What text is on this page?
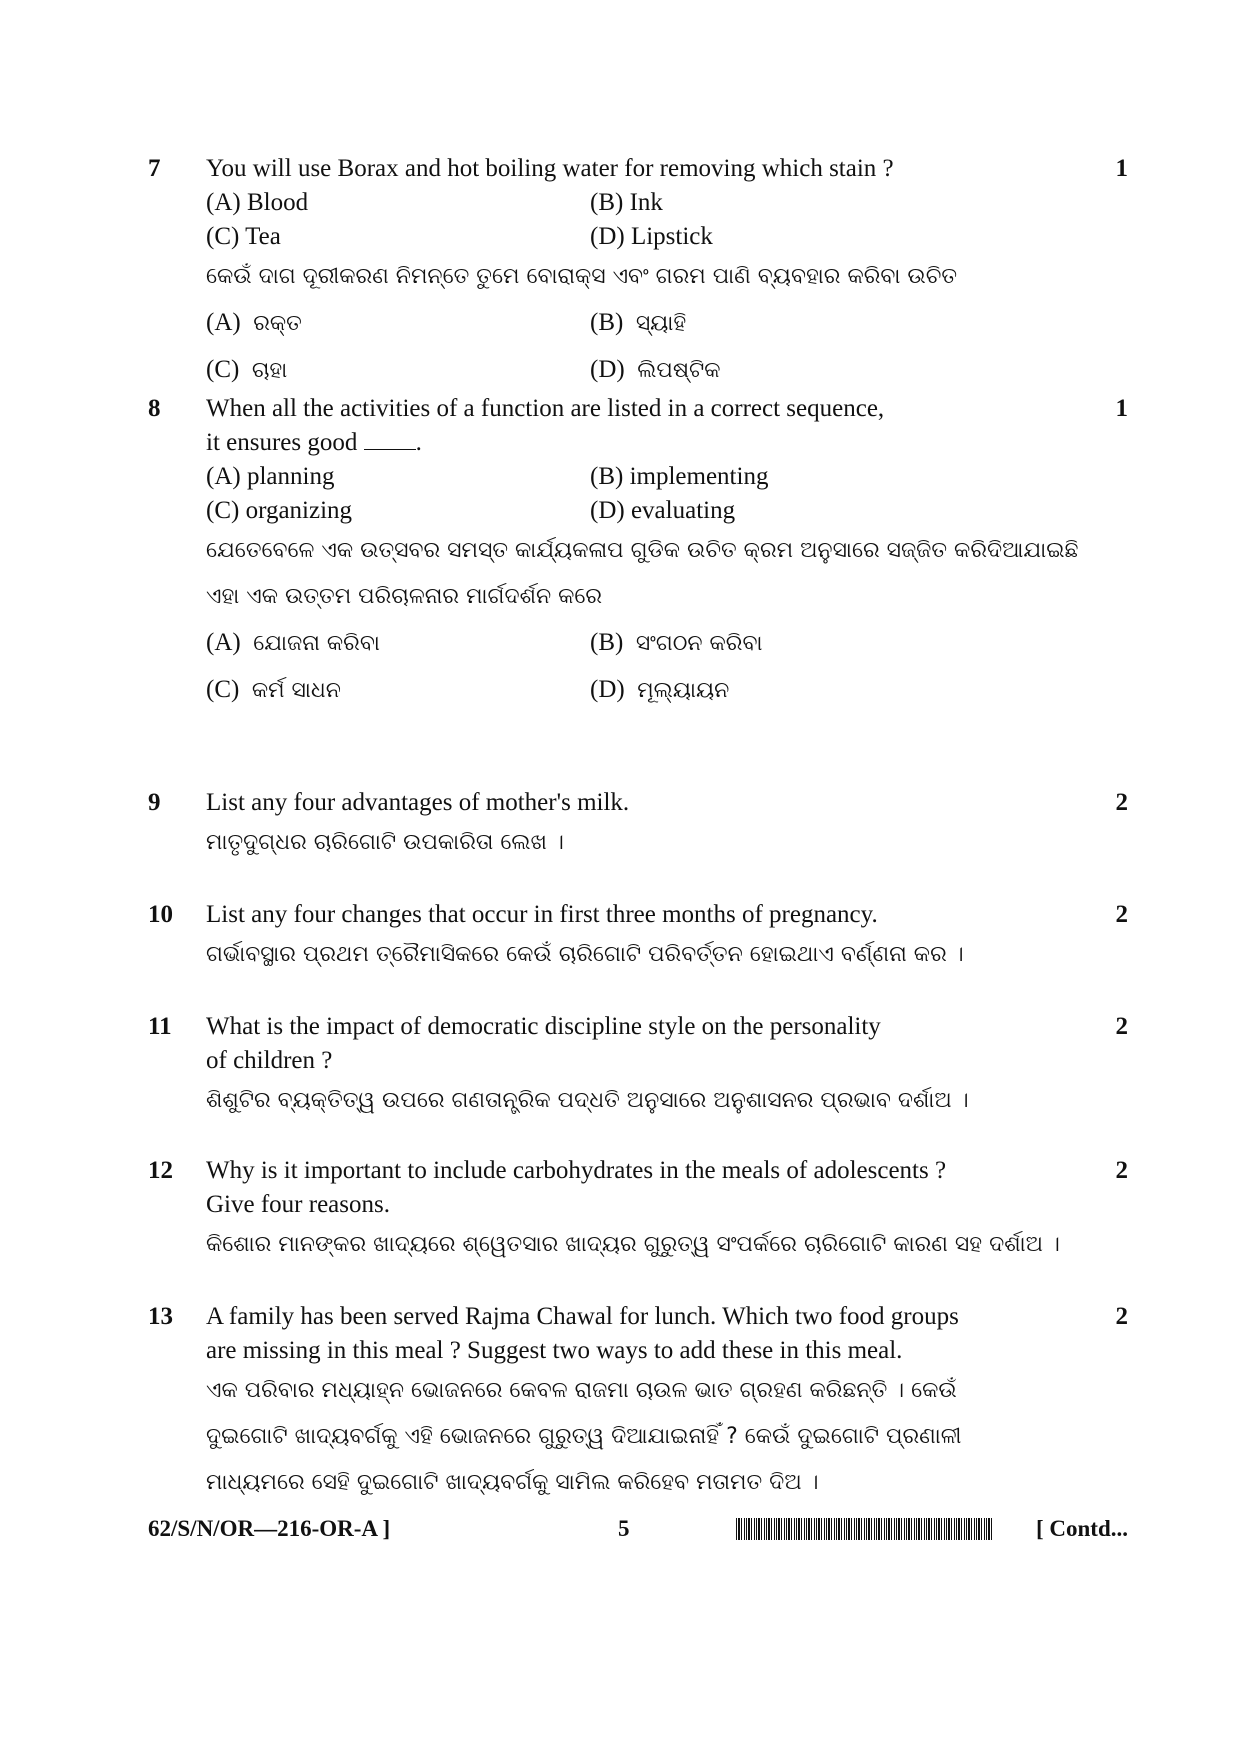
7	1

You will use Borax and hot boiling water for removing which stain ?

(A) Blood	(B) Ink
(C) Tea	(D) Lipstick

କେଉଁ ଦାଗ ଦୂରୀକରଣ ନିମନ୍ତେ ତୁମେ ବୋରାକ୍ସ ଏବଂ ଗରମ ପାଣି ବ୍ୟବହାର କରିବା ଉଚିତ

(A) ରକ୍ତ	(B) ସ୍ୟାହି
(C) ଚାହା	(D) ଲିପଷ୍ଟିକ
8	1

When all the activities of a function are listed in a correct sequence,

it ensures good .

(A) planning	(B) implementing
(C) organizing	(D) evaluating

ଯେତେବେଳେ ଏକ ଉତ୍ସବର ସମସ୍ତ କାର୍ଯ୍ୟକଳାପ ଗୁଡିକ ଉଚିତ କ୍ରମ ଅନୁସାରେ ସଜ୍ଜିତ କରିଦିଆଯାଇଛି

ଏହା ଏକ ଉତ୍ତମ ପରିଚାଳନାର ମାର୍ଗଦର୍ଶନ କରେ

(A) ଯୋଜନା କରିବା	(B) ସଂଗଠନ କରିବା
(C) କର୍ମ ସାଧନ	(D) ମୂଲ୍ୟାୟନ
9	2

List any four advantages of mother's milk.

ମାତୃଦୁଗ୍ଧର ଚାରିଗୋଟି ଉପକାରିତା ଲେଖ ।

10	2

List any four changes that occur in first three months of pregnancy.

ଗର୍ଭାବସ୍ଥାର ପ୍ରଥମ ତ୍ରୈମାସିକରେ କେଉଁ ଚାରିଗୋଟି ପରିବର୍ତ୍ତନ ହୋଇଥାଏ ବର୍ଣ୍ଣନା କର ।

11	2

What is the impact of democratic discipline style on the personality

of children ?

ଶିଶୁଟିର ବ୍ୟକ୍ତିତ୍ୱ ଉପରେ ଗଣତାନ୍ତ୍ରିକ ପଦ୍ଧତି ଅନୁସାରେ ଅନୁଶାସନର ପ୍ରଭାବ ଦର୍ଶାଅ ।

12	2

Why is it important to include carbohydrates in the meals of adolescents ?

Give four reasons.

କିଶୋର ମାନଙ୍କର ଖାଦ୍ୟରେ ଶ୍ୱେତସାର ଖାଦ୍ୟର ଗୁରୁତ୍ୱ ସଂପର୍କରେ ଚାରିଗୋଟି କାରଣ ସହ ଦର୍ଶାଅ ।

13	2

A family has been served Rajma Chawal for lunch. Which two food groups

are missing in this meal ? Suggest two ways to add these in this meal.

ଏକ ପରିବାର ମଧ୍ୟାହ୍ନ ଭୋଜନରେ କେବଳ ରାଜମା ଚାଉଳ ଭାତ ଗ୍ରହଣ କରିଛନ୍ତି । କେଉଁ

ଦୁଇଗୋଟି ଖାଦ୍ୟବର୍ଗକୁ ଏହି ଭୋଜନରେ ଗୁରୁତ୍ୱ ଦିଆଯାଇନାହିଁ ? କେଉଁ ଦୁଇଗୋଟି ପ୍ରଣାଳୀ

ମାଧ୍ୟମରେ ସେହି ଦୁଇଗୋଟି ଖାଦ୍ୟବର୍ଗକୁ ସାମିଲ କରିହେବ ମତାମତ ଦିଅ ।

62/S/N/OR—216-OR-A ]	5	[ Contd...
